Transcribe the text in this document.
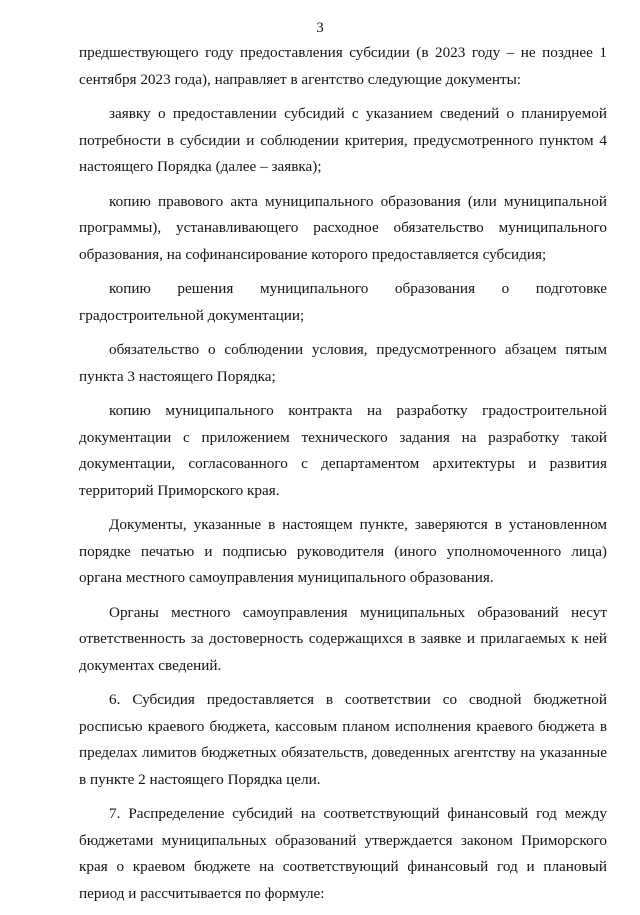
3

предшествующего году предоставления субсидии (в 2023 году – не позднее 1 сентября 2023 года), направляет в агентство следующие документы:

заявку о предоставлении субсидий с указанием сведений о планируемой потребности в субсидии и соблюдении критерия, предусмотренного пунктом 4 настоящего Порядка (далее – заявка);

копию правового акта муниципального образования (или муниципальной программы), устанавливающего расходное обязательство муниципального образования, на софинансирование которого предоставляется субсидия;

копию решения муниципального образования о подготовке градостроительной документации;

обязательство о соблюдении условия, предусмотренного абзацем пятым пункта 3 настоящего Порядка;

копию муниципального контракта на разработку градостроительной документации с приложением технического задания на разработку такой документации, согласованного с департаментом архитектуры и развития территорий Приморского края.

Документы, указанные в настоящем пункте, заверяются в установленном порядке печатью и подписью руководителя (иного уполномоченного лица) органа местного самоуправления муниципального образования.

Органы местного самоуправления муниципальных образований несут ответственность за достоверность содержащихся в заявке и прилагаемых к ней документах сведений.

6. Субсидия предоставляется в соответствии со сводной бюджетной росписью краевого бюджета, кассовым планом исполнения краевого бюджета в пределах лимитов бюджетных обязательств, доведенных агентству на указанные в пункте 2 настоящего Порядка цели.

7. Распределение субсидий на соответствующий финансовый год между бюджетами муниципальных образований утверждается законом Приморского края о краевом бюджете на соответствующий финансовый год и плановый период и рассчитывается по формуле:
